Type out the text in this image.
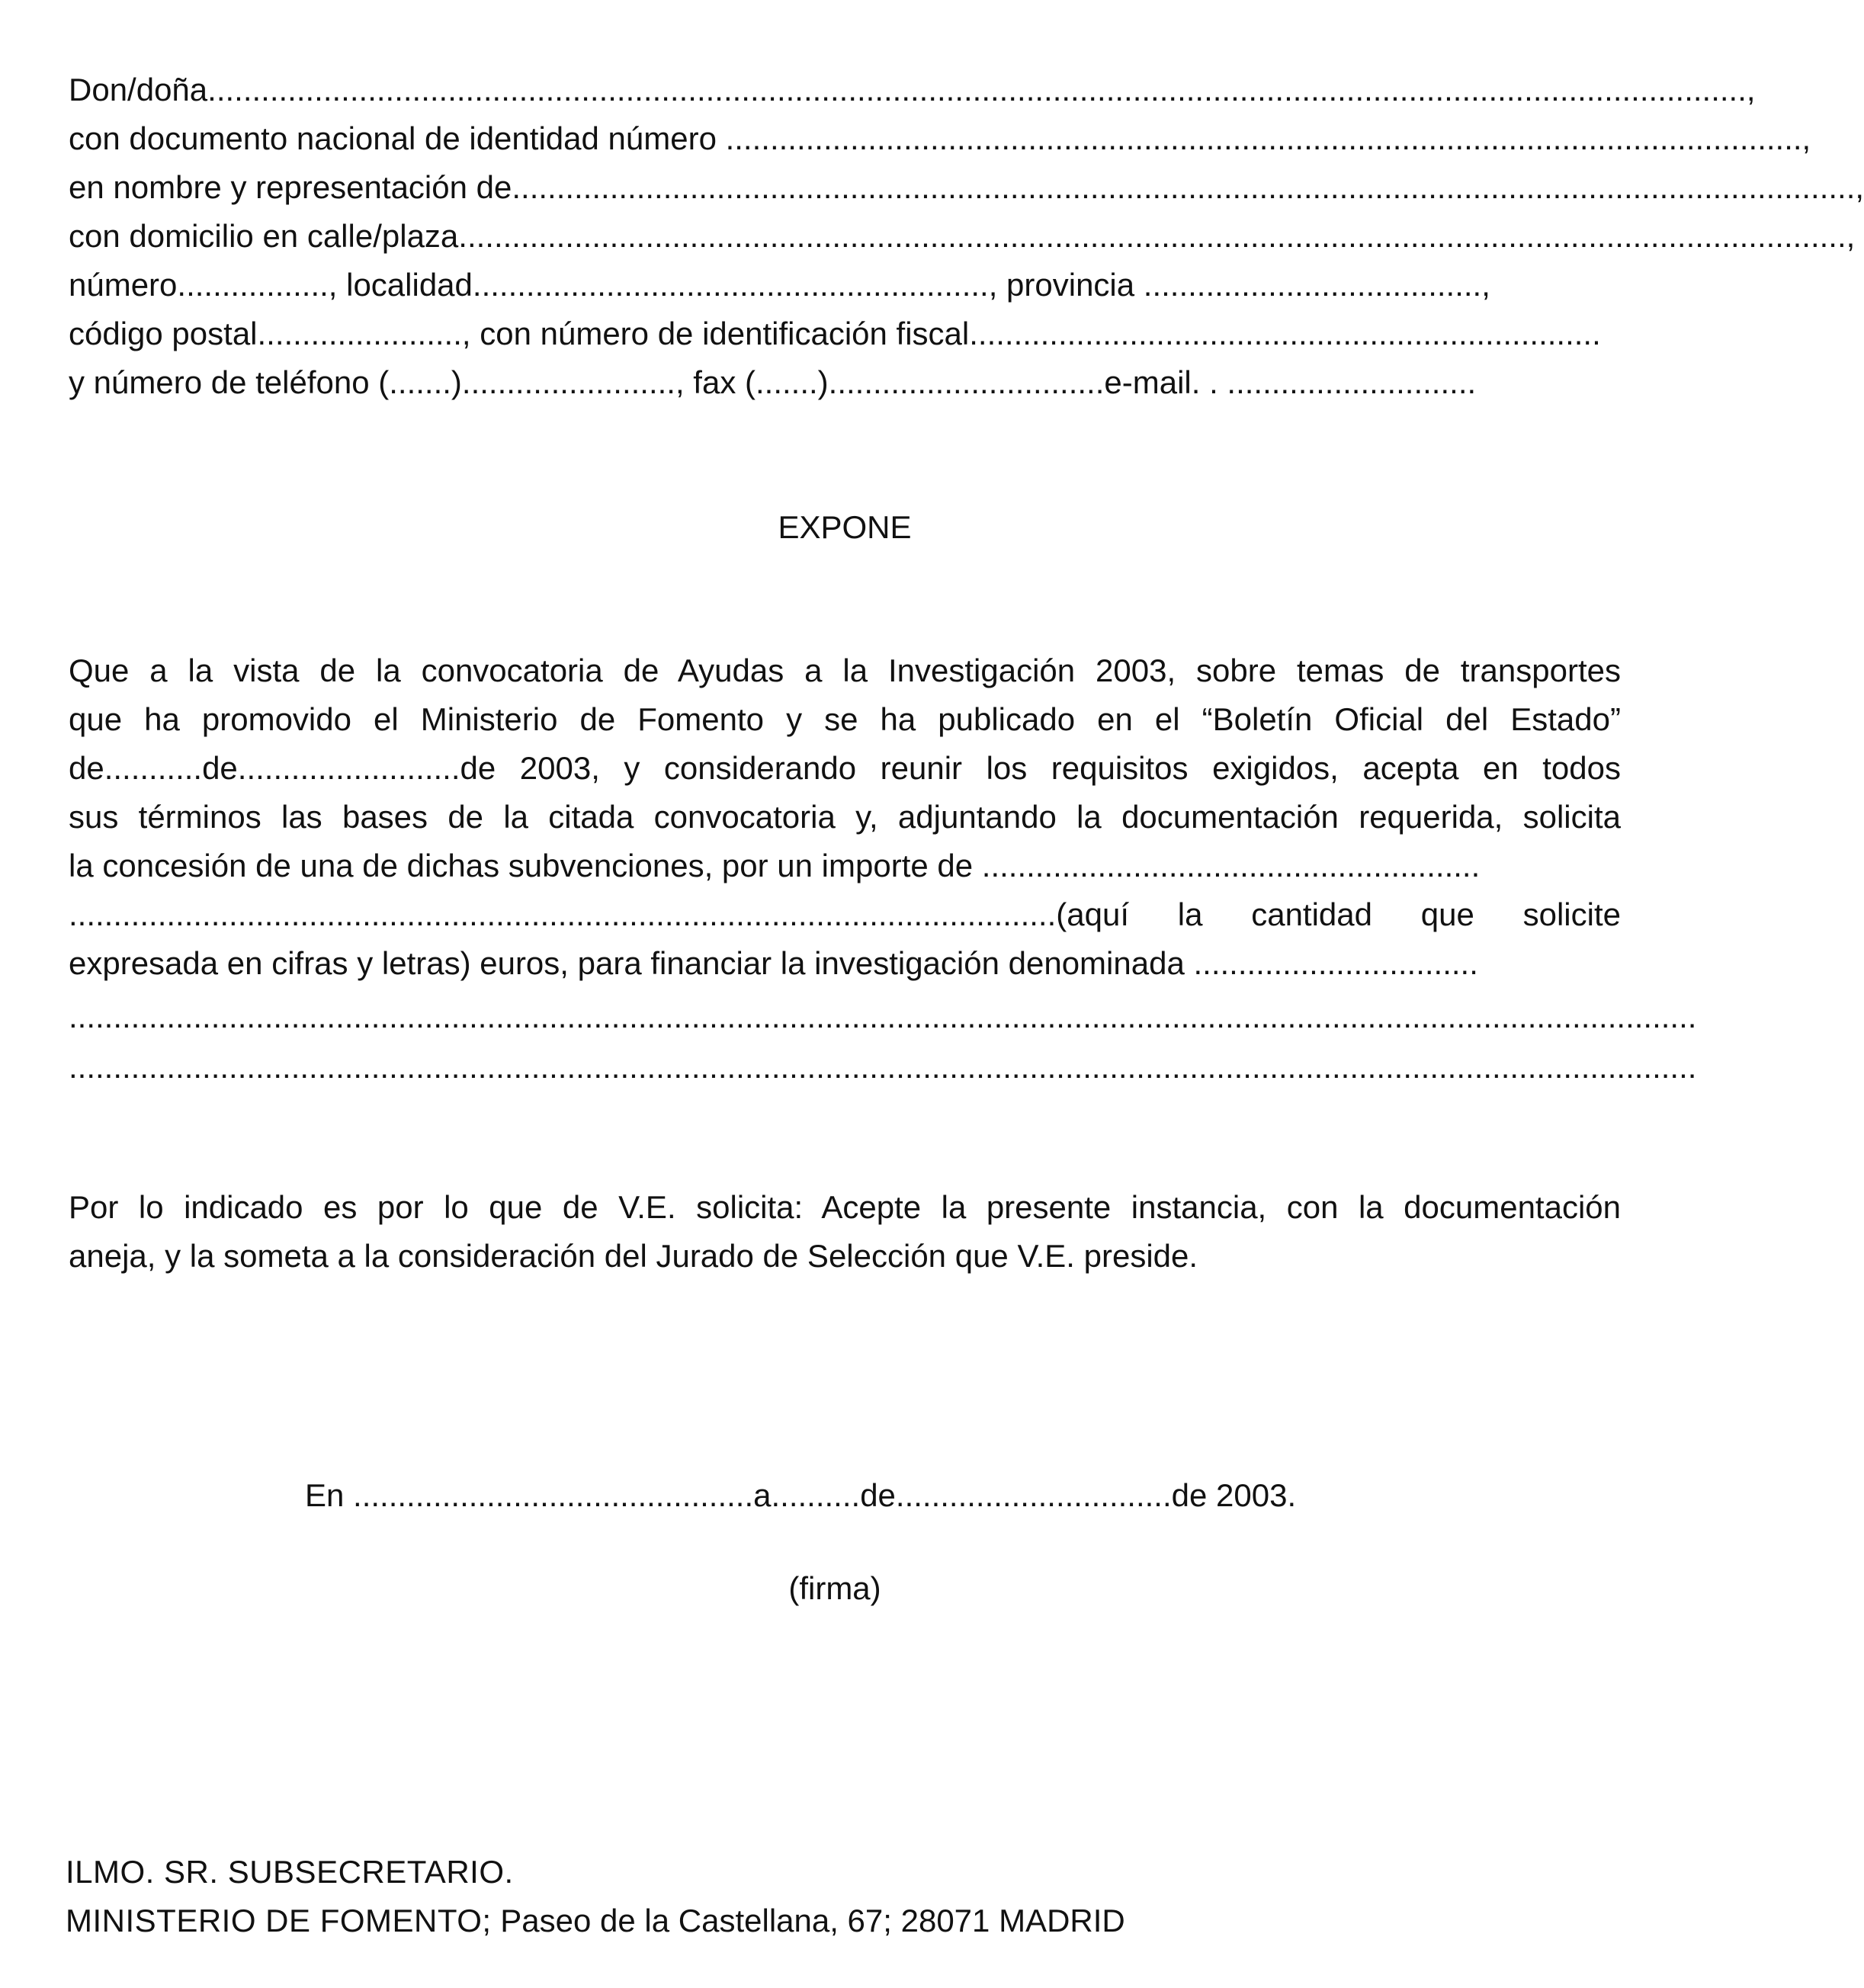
Don/doña.............................................................................................................................................................................,
con documento nacional de identidad número .........................................................................................................................,
en nombre y representación de.......................................................................................................................................................,
con domicilio en calle/plaza............................................................................................................................................................,
número................., localidad.........................................................., provincia ......................................,
código postal......................., con número de identificación fiscal.......................................................................
y número de teléfono (.......)........................, fax (.......)...............................e-mail. . ............................
EXPONE
Que a la vista de la convocatoria de Ayudas a la Investigación 2003, sobre temas de transportes
que ha promovido el Ministerio de Fomento y se ha publicado en el “Boletín Oficial del Estado”
de...........de.........................de 2003, y considerando reunir los requisitos exigidos, acepta en todos
sus términos las bases de la citada convocatoria y, adjuntando la documentación requerida, solicita
la concesión de una de dichas subvenciones, por un importe de ........................................................
...............................................................................................................(aquí la cantidad que solicite
expresada en cifras y letras) euros, para financiar la investigación denominada ................................
.......................................................................................................................................................................................
.......................................................................................................................................................................................
Por lo indicado es por lo que de V.E. solicita: Acepte la presente instancia, con la documentación
aneja, y la someta a la consideración del Jurado de Selección que V.E. preside.
En .............................................a..........de...............................de 2003.
(firma)
ILMO. SR. SUBSECRETARIO.
MINISTERIO DE FOMENTO; Paseo de la Castellana, 67; 28071 MADRID
